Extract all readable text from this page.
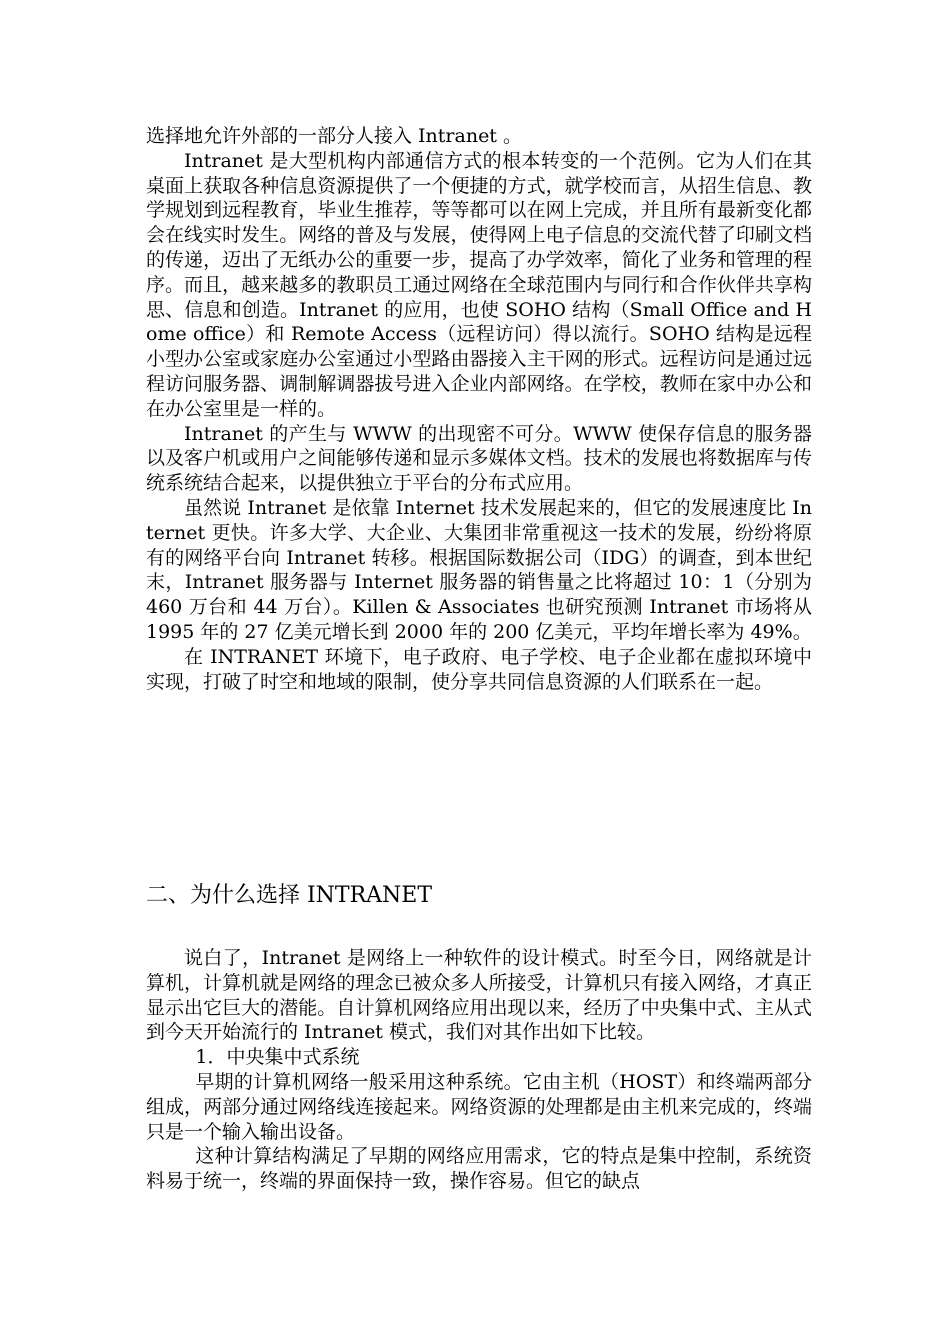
选择地允许外部的一部分人接入 Intranet 。

Intranet 是大型机构内部通信方式的根本转变的一个范例。它为人们在其桌面上获取各种信息资源提供了一个便捷的方式，就学校而言，从招生信息、教学规划到远程教育，毕业生推荐，等等都可以在网上完成，并且所有最新变化都会在线实时发生。网络的普及与发展，使得网上电子信息的交流代替了印刷文档的传递，迈出了无纸办公的重要一步，提高了办学效率，简化了业务和管理的程序。而且，越来越多的教职员工通过网络在全球范围内与同行和合作伙伴共享构思、信息和创造。Intranet 的应用，也使 SOHO 结构（Small Office and Home office）和 Remote Access（远程访问）得以流行。SOHO 结构是远程小型办公室或家庭办公室通过小型路由器接入主干网的形式。远程访问是通过远程访问服务器、调制解调器拔号进入企业内部网络。在学校，教师在家中办公和在办公室里是一样的。

Intranet 的产生与 WWW 的出现密不可分。WWW 使保存信息的服务器以及客户机或用户之间能够传递和显示多媒体文档。技术的发展也将数据库与传统系统结合起来，以提供独立于平台的分布式应用。

虽然说 Intranet 是依靠 Internet 技术发展起来的，但它的发展速度比 Internet 更快。许多大学、大企业、大集团非常重视这一技术的发展，纷纷将原有的网络平台向 Intranet 转移。根据国际数据公司（IDG）的调查，到本世纪末，Intranet 服务器与 Internet 服务器的销售量之比将超过 10：1（分别为 460 万台和 44 万台）。Killen & Associates 也研究预测 Intranet 市场将从 1995 年的 27 亿美元增长到 2000 年的 200 亿美元，平均年增长率为 49%。

在 INTRANET 环境下，电子政府、电子学校、电子企业都在虚拟环境中实现，打破了时空和地域的限制，使分享共同信息资源的人们联系在一起。

二、为什么选择 INTRANET

说白了，Intranet 是网络上一种软件的设计模式。时至今日，网络就是计算机，计算机就是网络的理念已被众多人所接受，计算机只有接入网络，才真正显示出它巨大的潜能。自计算机网络应用出现以来，经历了中央集中式、主从式到今天开始流行的 Intranet 模式，我们对其作出如下比较。

1．中央集中式系统

早期的计算机网络一般采用这种系统。它由主机（HOST）和终端两部分组成，两部分通过网络线连接起来。网络资源的处理都是由主机来完成的，终端只是一个输入输出设备。

这种计算结构满足了早期的网络应用需求，它的特点是集中控制，系统资料易于统一，终端的界面保持一致，操作容易。但它的缺点
